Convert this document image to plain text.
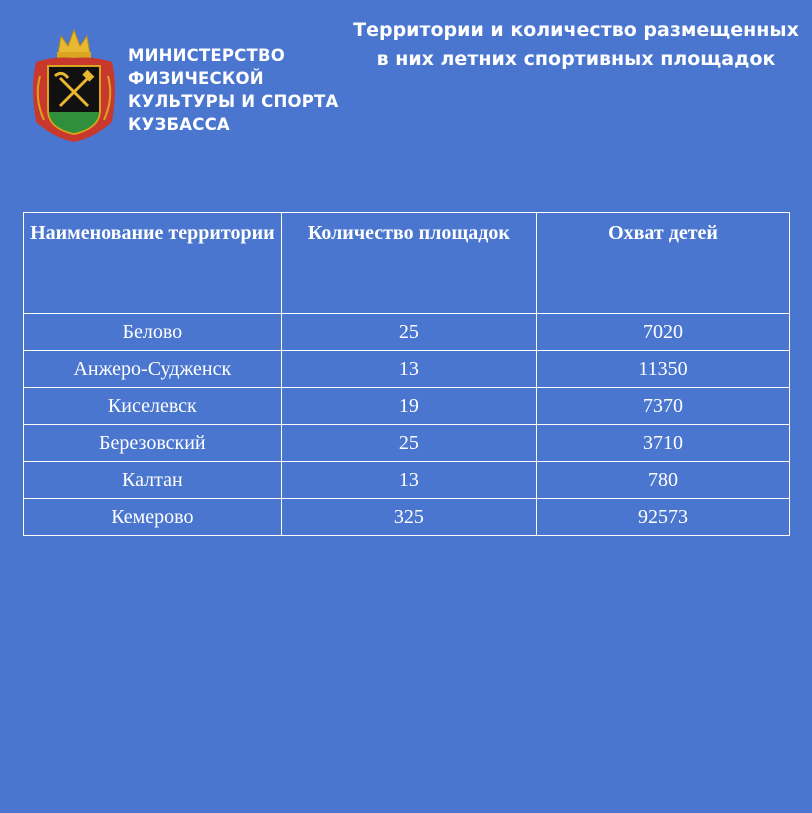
МИНИСТЕРСТВО
ФИЗИЧЕСКОЙ
КУЛЬТУРЫ И СПОРТА
КУЗБАССА
Территории и количество размещенных
в них летних спортивных площадок
Наименование территории	Количество площадок	Охват детей
Белово	25	7020
Анжеро-Судженск	13	11350
Киселевск	19	7370
Березовский	25	3710
Калтан	13	780
Кемерово	325	92573
